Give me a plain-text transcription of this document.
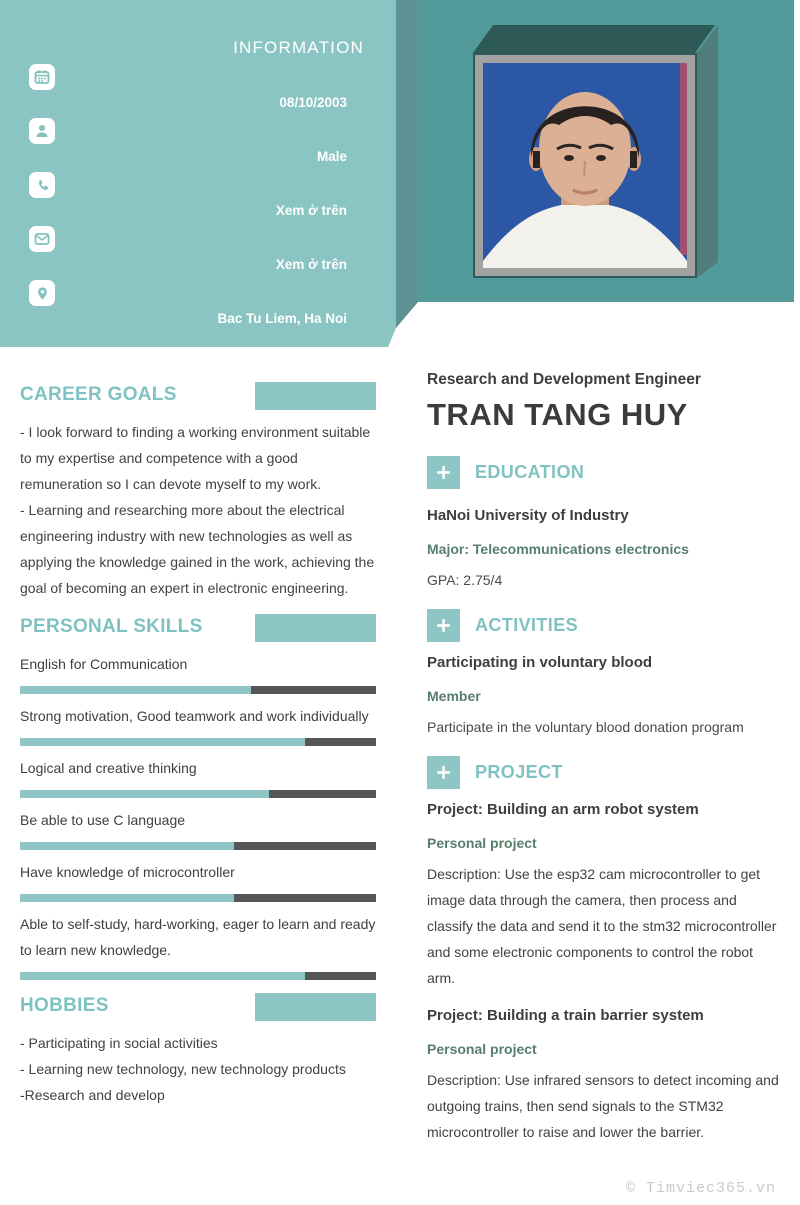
INFORMATION
08/10/2003
Male
Xem ở trên
Xem ở trên
Bac Tu Liem, Ha Noi
CAREER GOALS
- I look forward to finding a working environment suitable to my expertise and competence with a good remuneration so I can devote myself to my work.
- Learning and researching more about the electrical engineering industry with new technologies as well as applying the knowledge gained in the work, achieving the goal of becoming an expert in electronic engineering.
PERSONAL SKILLS
English for Communication
Strong motivation, Good teamwork and work individually
Logical and creative thinking
Be able to use C language
Have knowledge of microcontroller
Able to self-study, hard-working, eager to learn and ready to learn new knowledge.
HOBBIES
- Participating in social activities
- Learning new technology, new technology products
-Research and develop
Research and Development Engineer
TRAN TANG HUY
EDUCATION
HaNoi University of Industry
Major: Telecommunications electronics
GPA: 2.75/4
ACTIVITIES
Participating in voluntary blood
Member
Participate in the voluntary blood donation program
PROJECT
Project: Building an arm robot system
Personal project
Description: Use the esp32 cam microcontroller to get image data through the camera, then process and classify the data and send it to the stm32 microcontroller and some electronic components to control the robot arm.
Project: Building a train barrier system
Personal project
Description: Use infrared sensors to detect incoming and outgoing trains, then send signals to the STM32 microcontroller to raise and lower the barrier.
© Timviec365.vn
